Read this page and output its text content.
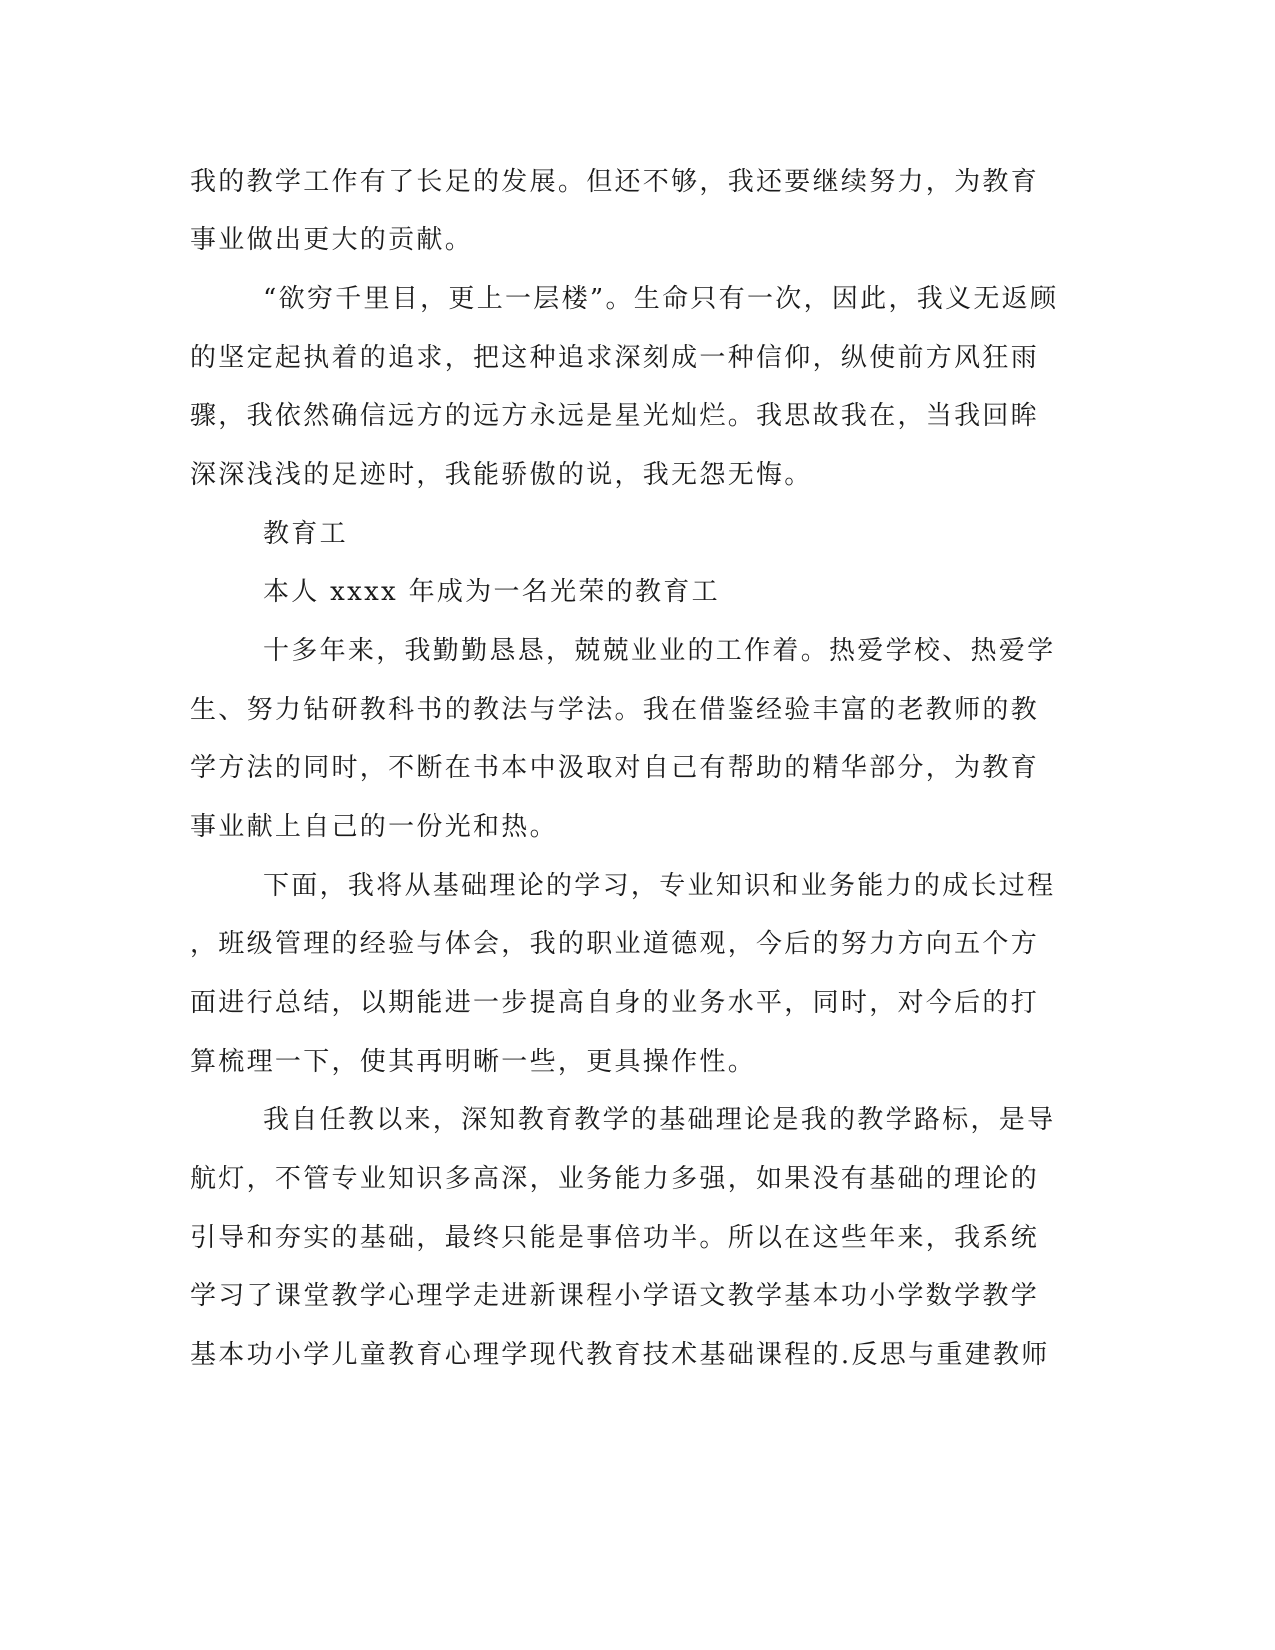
我的教学工作有了长足的发展。但还不够，我还要继续努力，为教育
事业做出更大的贡献。
“欲穷千里目，更上一层楼”。生命只有一次，因此，我义无返顾
的坚定起执着的追求，把这种追求深刻成一种信仰，纵使前方风狂雨
骤，我依然确信远方的远方永远是星光灿烂。我思故我在，当我回眸
深深浅浅的足迹时，我能骄傲的说，我无怨无悔。
教育工
本人 xxxx 年成为一名光荣的教育工
十多年来，我勤勤恳恳，兢兢业业的工作着。热爱学校、热爱学
生、努力钻研教科书的教法与学法。我在借鉴经验丰富的老教师的教
学方法的同时，不断在书本中汲取对自己有帮助的精华部分，为教育
事业献上自己的一份光和热。
下面，我将从基础理论的学习，专业知识和业务能力的成长过程
，班级管理的经验与体会，我的职业道德观，今后的努力方向五个方
面进行总结，以期能进一步提高自身的业务水平，同时，对今后的打
算梳理一下，使其再明晰一些，更具操作性。
我自任教以来，深知教育教学的基础理论是我的教学路标，是导
航灯，不管专业知识多高深，业务能力多强，如果没有基础的理论的
引导和夯实的基础，最终只能是事倍功半。所以在这些年来，我系统
学习了课堂教学心理学走进新课程小学语文教学基本功小学数学教学
基本功小学儿童教育心理学现代教育技术基础课程的.反思与重建教师
